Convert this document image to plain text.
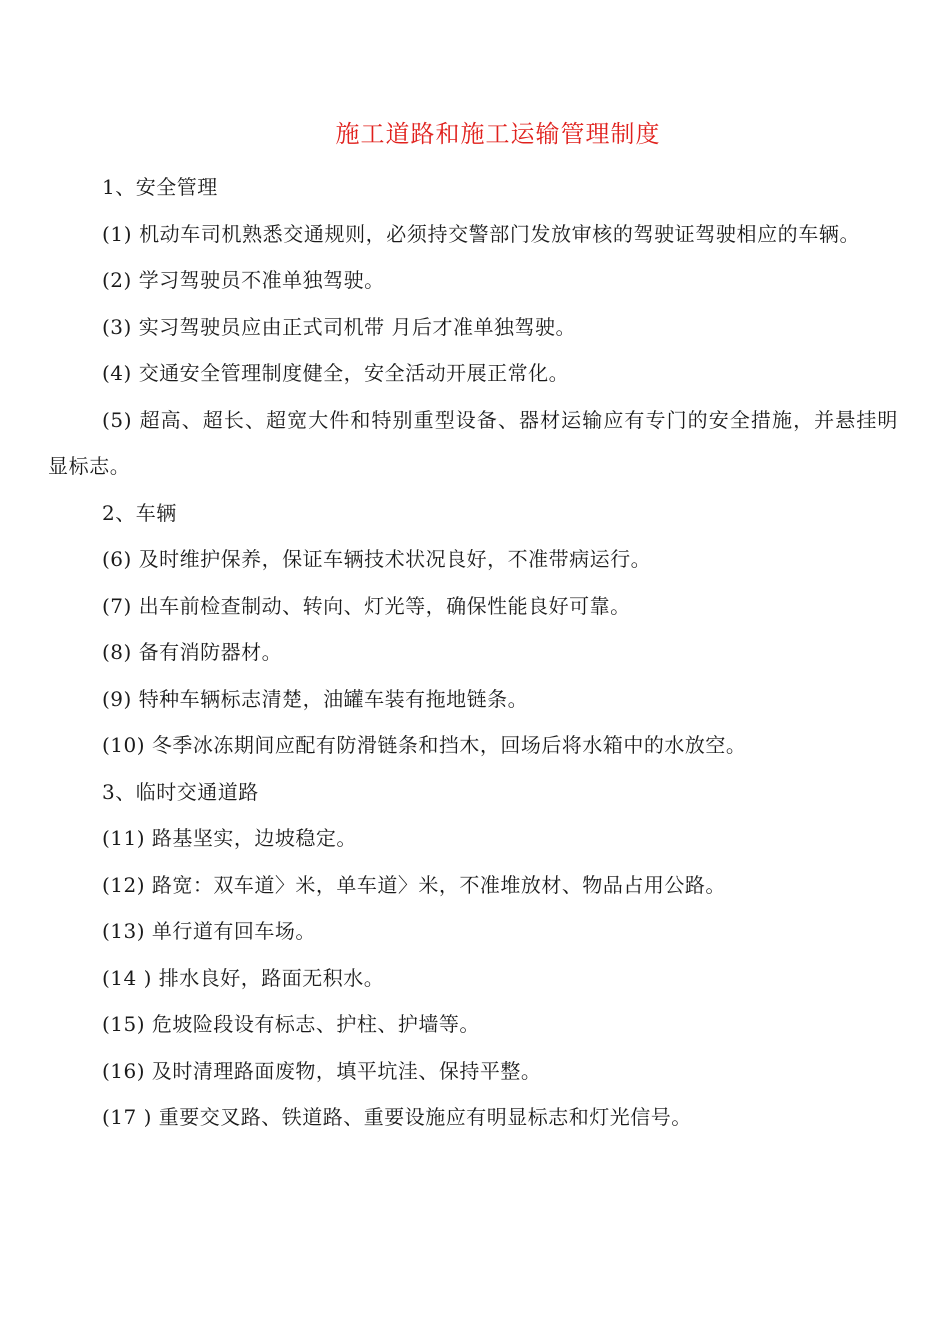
施工道路和施工运输管理制度
1、安全管理

(1) 机动车司机熟悉交通规则，必须持交警部门发放审核的驾驶证驾驶相应的车辆。

(2) 学习驾驶员不准单独驾驶。
(3) 实习驾驶员应由正式司机带 月后才准单独驾驶。
(4) 交通安全管理制度健全，安全活动开展正常化。

(5) 超高、超长、超宽大件和特别重型设备、器材运输应有专门的安全措施，并悬挂明显标志。

2、车辆
(6) 及时维护保养，保证车辆技术状况良好，不准带病运行。
(7) 出车前检查制动、转向、灯光等，确保性能良好可靠。
(8) 备有消防器材。
(9) 特种车辆标志清楚，油罐车装有拖地链条。
(10) 冬季冰冻期间应配有防滑链条和挡木，回场后将水箱中的水放空。
3、临时交通道路
(11) 路基坚实，边坡稳定。
(12) 路宽：双车道〉米，单车道〉米，不准堆放材、物品占用公路。
(13) 单行道有回车场。
(14 ) 排水良好，路面无积水。
(15) 危坡险段设有标志、护柱、护墙等。
(16) 及时清理路面废物，填平坑洼、保持平整。
(17 ) 重要交叉路、铁道路、重要设施应有明显标志和灯光信号。
